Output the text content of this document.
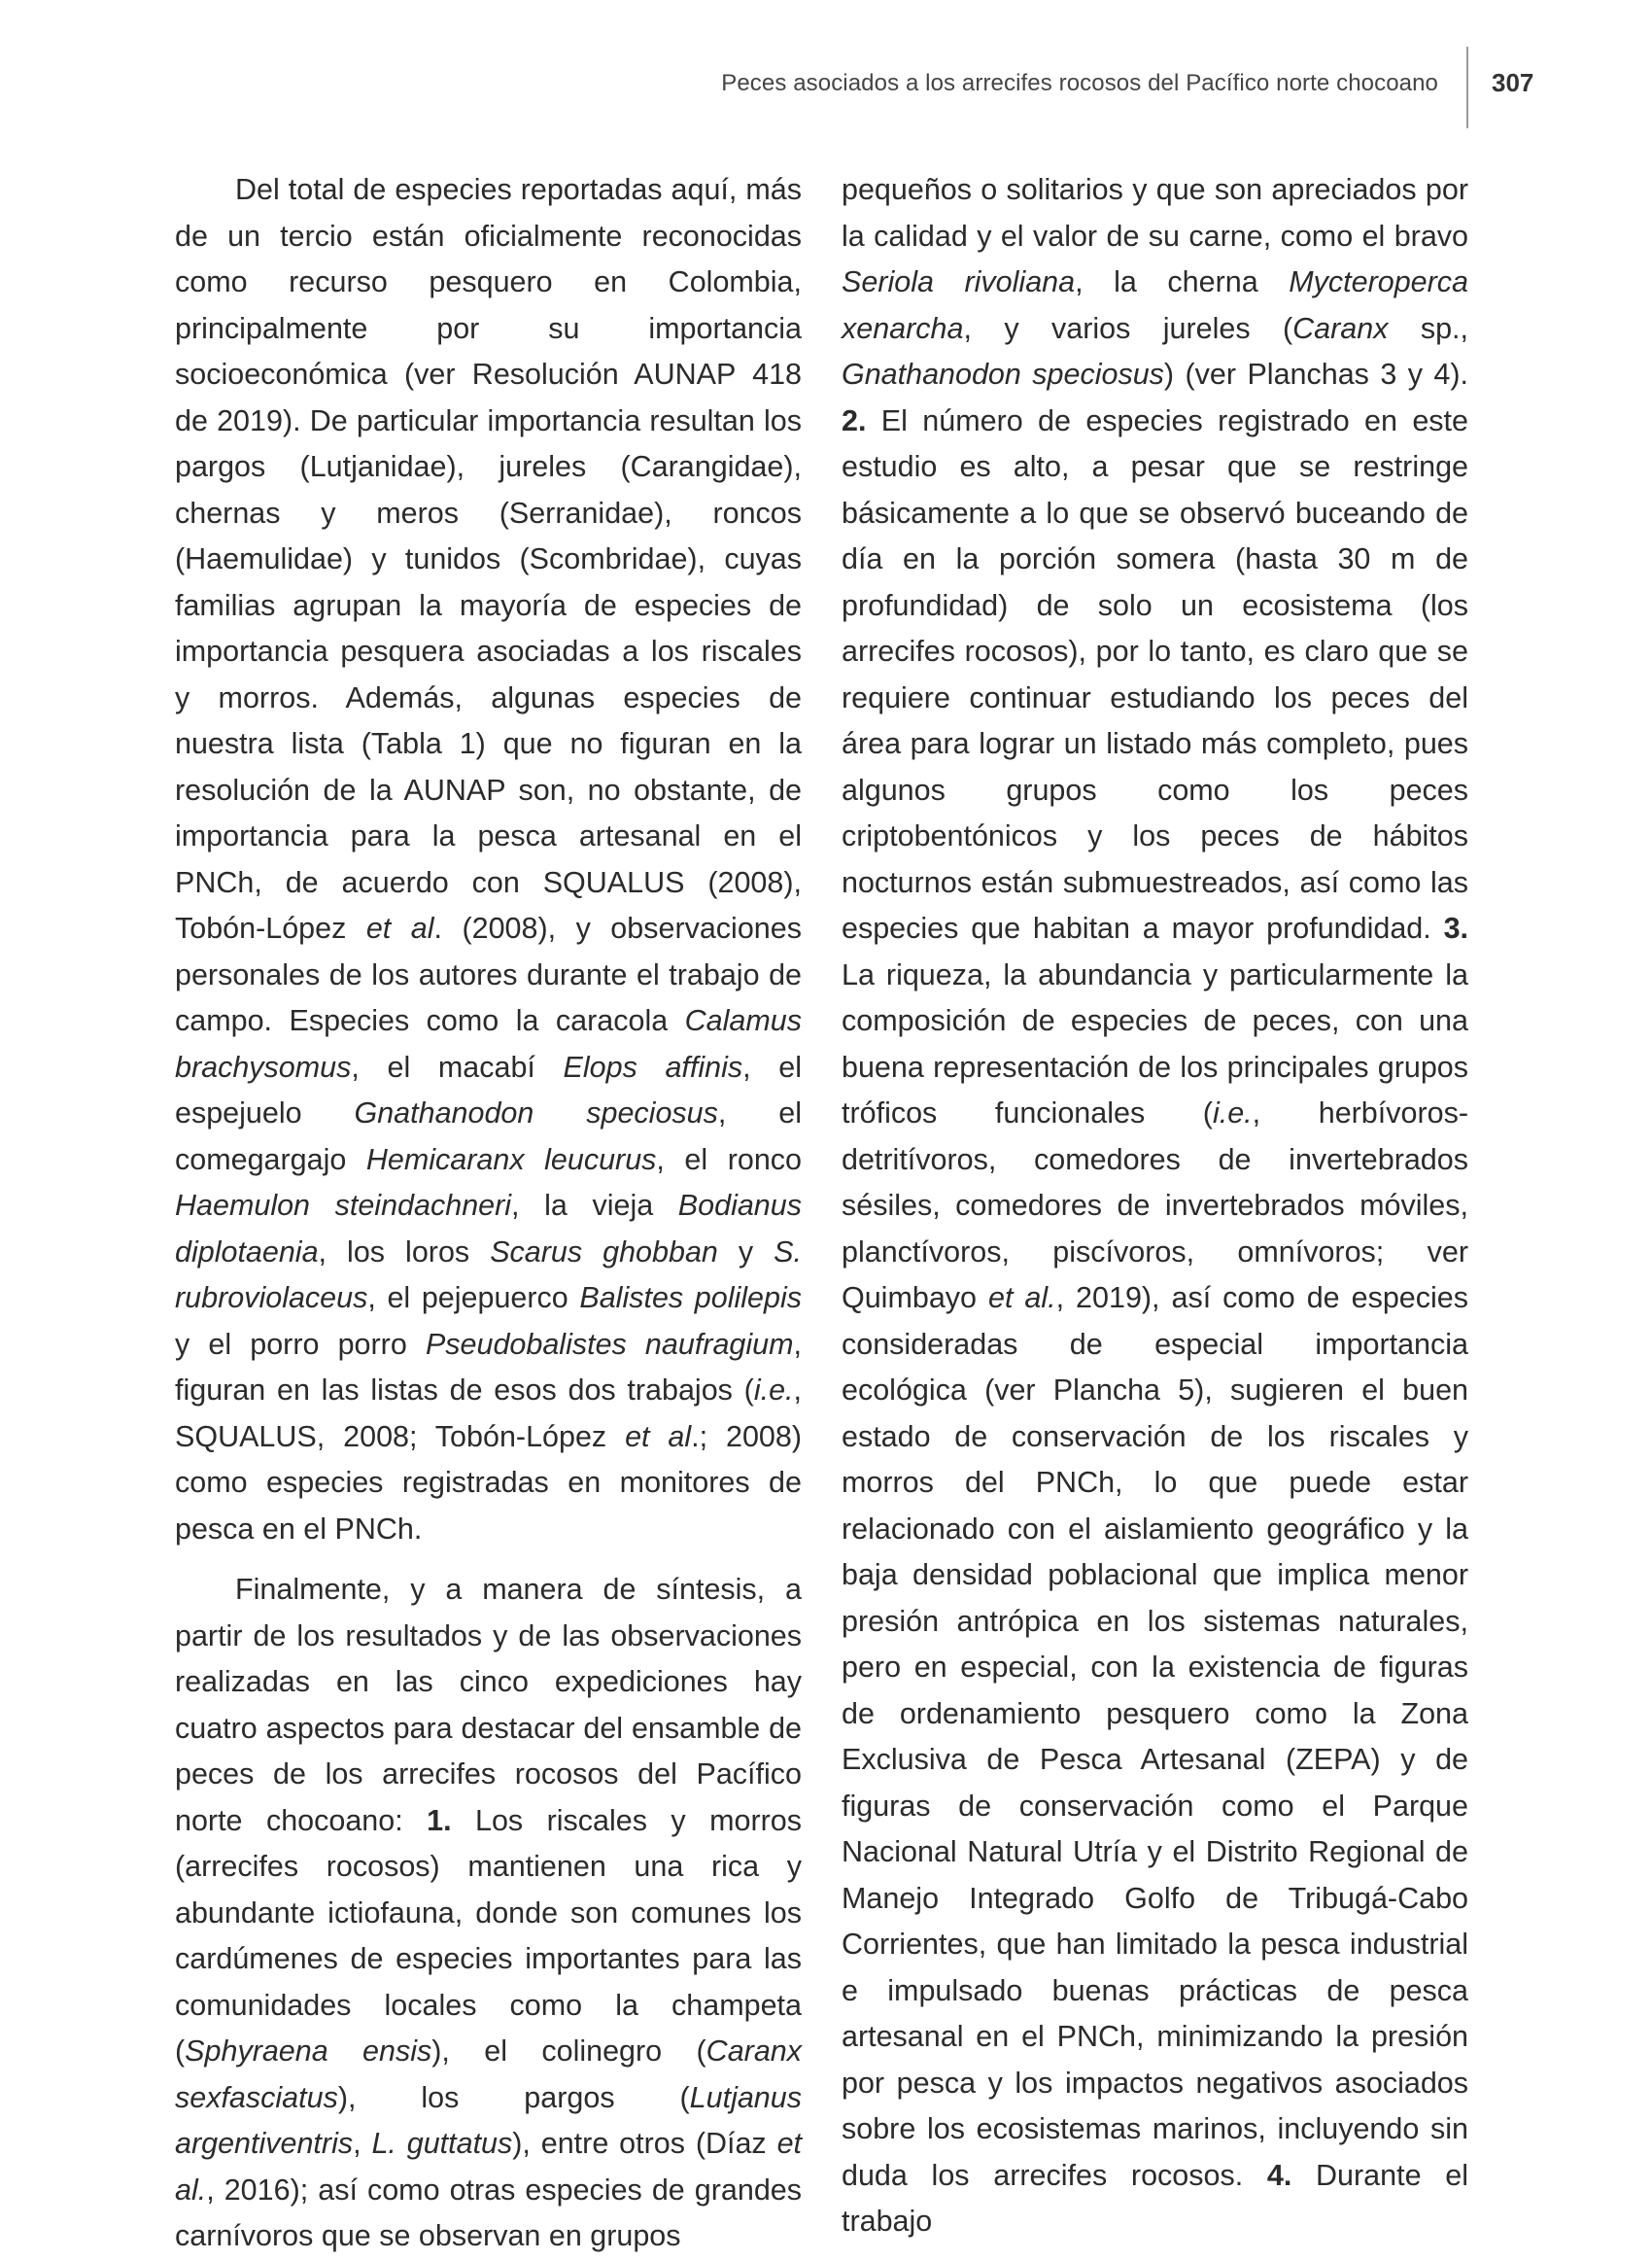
Peces asociados a los arrecifes rocosos del Pacífico norte chocoano 307

Del total de especies reportadas aquí, más de un tercio están oficialmente reconocidas como recurso pesquero en Colombia, principalmente por su importancia socioeconómica (ver Resolución AUNAP 418 de 2019). De particular importancia resultan los pargos (Lutjanidae), jureles (Carangidae), chernas y meros (Serranidae), roncos (Haemulidae) y tunidos (Scombridae), cuyas familias agrupan la mayoría de especies de importancia pesquera asociadas a los riscales y morros. Además, algunas especies de nuestra lista (Tabla 1) que no figuran en la resolución de la AUNAP son, no obstante, de importancia para la pesca artesanal en el PNCh, de acuerdo con SQUALUS (2008), Tobón-López et al. (2008), y observaciones personales de los autores durante el trabajo de campo. Especies como la caracola Calamus brachysomus, el macabí Elops affinis, el espejuelo Gnathanodon speciosus, el comegargajo Hemicaranx leucurus, el ronco Haemulon steindachneri, la vieja Bodianus diplotaenia, los loros Scarus ghobban y S. rubroviolaceus, el pejepuerco Balistes polilepis y el porro porro Pseudobalistes naufragium, figuran en las listas de esos dos trabajos (i.e., SQUALUS, 2008; Tobón-López et al.; 2008) como especies registradas en monitores de pesca en el PNCh.

Finalmente, y a manera de síntesis, a partir de los resultados y de las observaciones realizadas en las cinco expediciones hay cuatro aspectos para destacar del ensamble de peces de los arrecifes rocosos del Pacífico norte chocoano: 1. Los riscales y morros (arrecifes rocosos) mantienen una rica y abundante ictiofauna, donde son comunes los cardúmenes de especies importantes para las comunidades locales como la champeta (Sphyraena ensis), el colinegro (Caranx sexfasciatus), los pargos (Lutjanus argentiventris, L. guttatus), entre otros (Díaz et al., 2016); así como otras especies de grandes carnívoros que se observan en grupos

pequeños o solitarios y que son apreciados por la calidad y el valor de su carne, como el bravo Seriola rivoliana, la cherna Mycteroperca xenarcha, y varios jureles (Caranx sp., Gnathanodon speciosus) (ver Planchas 3 y 4). 2. El número de especies registrado en este estudio es alto, a pesar que se restringe básicamente a lo que se observó buceando de día en la porción somera (hasta 30 m de profundidad) de solo un ecosistema (los arrecifes rocosos), por lo tanto, es claro que se requiere continuar estudiando los peces del área para lograr un listado más completo, pues algunos grupos como los peces criptobentónicos y los peces de hábitos nocturnos están submuestreados, así como las especies que habitan a mayor profundidad. 3. La riqueza, la abundancia y particularmente la composición de especies de peces, con una buena representación de los principales grupos tróficos funcionales (i.e., herbívoros-detritívoros, comedores de invertebrados sésiles, comedores de invertebrados móviles, planctívoros, piscívoros, omnívoros; ver Quimbayo et al., 2019), así como de especies consideradas de especial importancia ecológica (ver Plancha 5), sugieren el buen estado de conservación de los riscales y morros del PNCh, lo que puede estar relacionado con el aislamiento geográfico y la baja densidad poblacional que implica menor presión antrópica en los sistemas naturales, pero en especial, con la existencia de figuras de ordenamiento pesquero como la Zona Exclusiva de Pesca Artesanal (ZEPA) y de figuras de conservación como el Parque Nacional Natural Utría y el Distrito Regional de Manejo Integrado Golfo de Tribugá-Cabo Corrientes, que han limitado la pesca industrial e impulsado buenas prácticas de pesca artesanal en el PNCh, minimizando la presión por pesca y los impactos negativos asociados sobre los ecosistemas marinos, incluyendo sin duda los arrecifes rocosos. 4. Durante el trabajo
